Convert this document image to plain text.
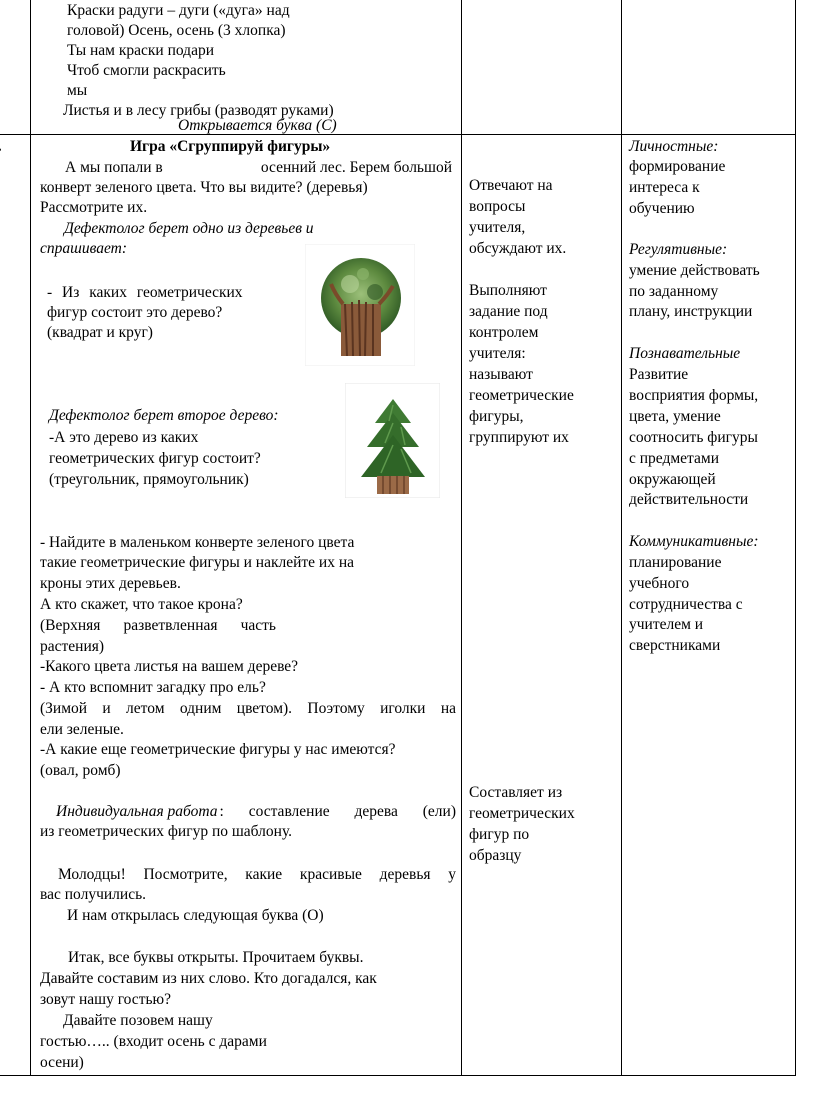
Краски радуги – дуги («дуга» над
головой) Осень, осень (3 хлопка)
Ты нам краски подари
Чтоб смогли раскрасить
мы
Листья и в лесу грибы (разводят руками)
Открывается буква (С)
Игра «Сгруппируй фигуры»
А мы попали в	осенний лес. Берем большой
конверт зеленого цвета. Что вы видите? (деревья)
Рассмотрите их.
Дефектолог берет одно из деревьев и
спрашивает:
- Из каких геометрических
фигур состоит это дерево?
(квадрат и круг)
Дефектолог берет второе дерево:
-А это дерево из каких
геометрических фигур состоит?
(треугольник, прямоугольник)
- Найдите в маленьком конверте зеленого цвета
такие геометрические фигуры и наклейте их на
кроны этих деревьев.
А кто скажет, что такое крона?
(Верхняя разветвленная часть
растения)
-Какого цвета листья на вашем дереве?
- А кто вспомнит загадку про ель?
(Зимой и летом одним цветом). Поэтому иголки на
ели зеленые.
-А какие еще геометрические фигуры у нас имеются?
(овал, ромб)
Индивидуальная работа : составление дерева (ели)
из геометрических фигур по шаблону.
Молодцы! Посмотрите, какие красивые деревья у
вас получились.
И нам открылась следующая буква (О)
Итак, все буквы открыты. Прочитаем буквы.
Давайте составим из них слово. Кто догадался, как
зовут нашу гостью?
Давайте позовем нашу
гостью….. (входит осень с дарами
осени)
Отвечают на
вопросы
учителя,
обсуждают их.
Выполняют
задание под
контролем
учителя:
называют
геометрические
фигуры,
группируют их
Составляет из
геометрических
фигур по
образцу
Личностные:
формирование
интереса к
обучению
Регулятивные:
умение действовать
по заданному
плану, инструкции
Познавательные
Развитие
восприятия формы,
цвета, умение
соотносить фигуры
с предметами
окружающей
действительности
Коммуникативные:
планирование
учебного
сотрудничества с
учителем и
сверстниками
